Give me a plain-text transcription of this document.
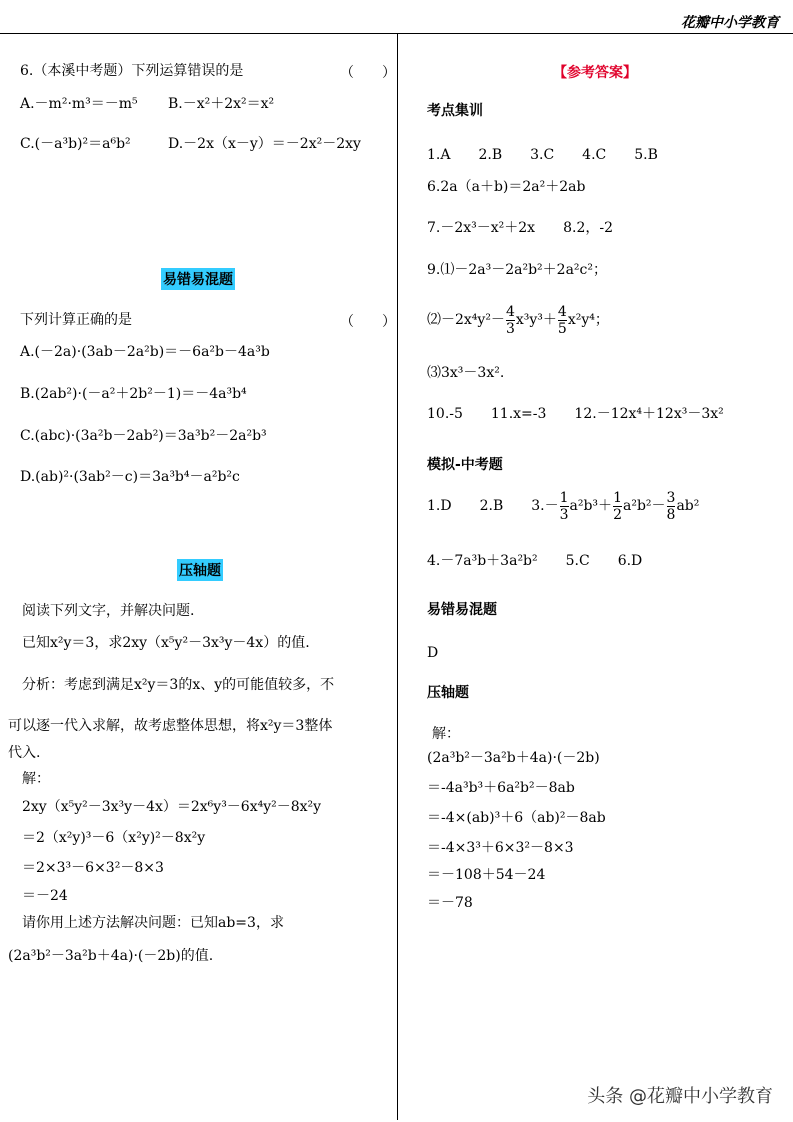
花瓣中小学教育
6.（本溪中考题）下列运算错误的是	（　　）
A.－m²·m³＝－m⁵ B.－x²＋2x²＝x²
C.(－a³b)²＝a⁶b²	D.－2x（x－y）＝－2x²－2xy
易错易混题
下列计算正确的是	（　　）
A.(－2a)·(3ab－2a²b)＝－6a²b－4a³b
B.(2ab²)·(－a²＋2b²－1)＝－4a³b⁴
C.(abc)·(3a²b－2ab²)＝3a³b²－2a²b³
D.(ab)²·(3ab²－c)＝3a³b⁴－a²b²c
压轴题
阅读下列文字，并解决问题.
已知x²y＝3，求2xy（x⁵y²－3x³y－4x）的值.
分析：考虑到满足x²y＝3的x、y的可能值较多，不
可以逐一代入求解，故考虑整体思想，将x²y＝3整体
代入.
解：
2xy（x⁵y²－3x³y－4x）＝2x⁶y³－6x⁴y²－8x²y
＝2（x²y)³－6（x²y)²－8x²y
＝2×3³－6×3²－8×3
＝－24
请你用上述方法解决问题：已知ab=3，求
(2a³b²－3a²b＋4a)·(－2b)的值.
【参考答案】
考点集训
1.A　　2.B　　3.C　　4.C　　5.B
6.2a（a＋b)＝2a²＋2ab
7.－2x³－x²＋2x　　8.2，-2
9.⑴－2a³－2a²b²＋2a²c²；
⑵－2x⁴y²－ $\frac{4}{3} x^3y^3+ \frac{4}{5} x^2y^4$；
⑶3x³－3x².
10.-5　　11.x=-3　　12.－12x⁴＋12x³－3x²
模拟-中考题
1.D　　2.B　　$3.- \frac{1}{3} a^2b^3+ \frac{1}{2} a^2b^2- \frac{3}{8} ab^2$
4.－7a³b＋3a²b²　　5.C　　6.D
易错易混题
D
压轴题
解：
(2a³b²－3a²b＋4a)·(－2b)
＝-4a³b³＋6a²b²－8ab
＝-4×(ab)³＋6（ab)²－8ab
＝-4×3³＋6×3²－8×3
＝－108＋54－24
＝－78
头条 @花瓣中小学教育
